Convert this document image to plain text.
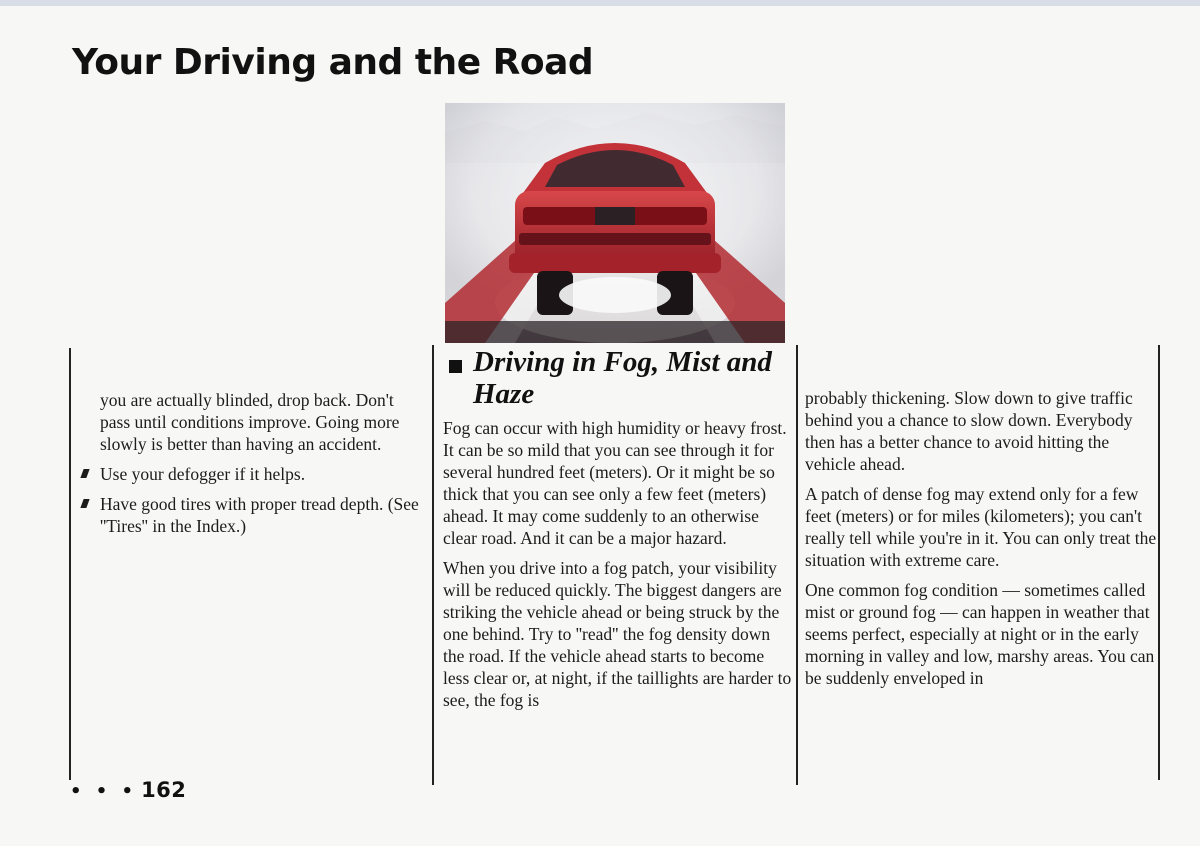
Your Driving and the Road

you are actually blinded, drop back. Don't pass until conditions improve. Going more slowly is better than having an accident.

Use your defogger if it helps.
Have good tires with proper tread depth. (See ''Tires'' in the Index.)
Driving in Fog, Mist and Haze

Fog can occur with high humidity or heavy frost. It can be so mild that you can see through it for several hundred feet (meters). Or it might be so thick that you can see only a few feet (meters) ahead. It may come suddenly to an otherwise clear road. And it can be a major hazard.

When you drive into a fog patch, your visibility will be reduced quickly. The biggest dangers are striking the vehicle ahead or being struck by the one behind. Try to ''read'' the fog density down the road. If the vehicle ahead starts to become less clear or, at night, if the taillights are harder to see, the fog is

probably thickening. Slow down to give traffic behind you a chance to slow down. Everybody then has a better chance to avoid hitting the vehicle ahead.

A patch of dense fog may extend only for a few feet (meters) or for miles (kilometers); you can't really tell while you're in it. You can only treat the situation with extreme care.

One common fog condition — sometimes called mist or ground fog — can happen in weather that seems perfect, especially at night or in the early morning in valley and low, marshy areas. You can be suddenly enveloped in

• • • 162
